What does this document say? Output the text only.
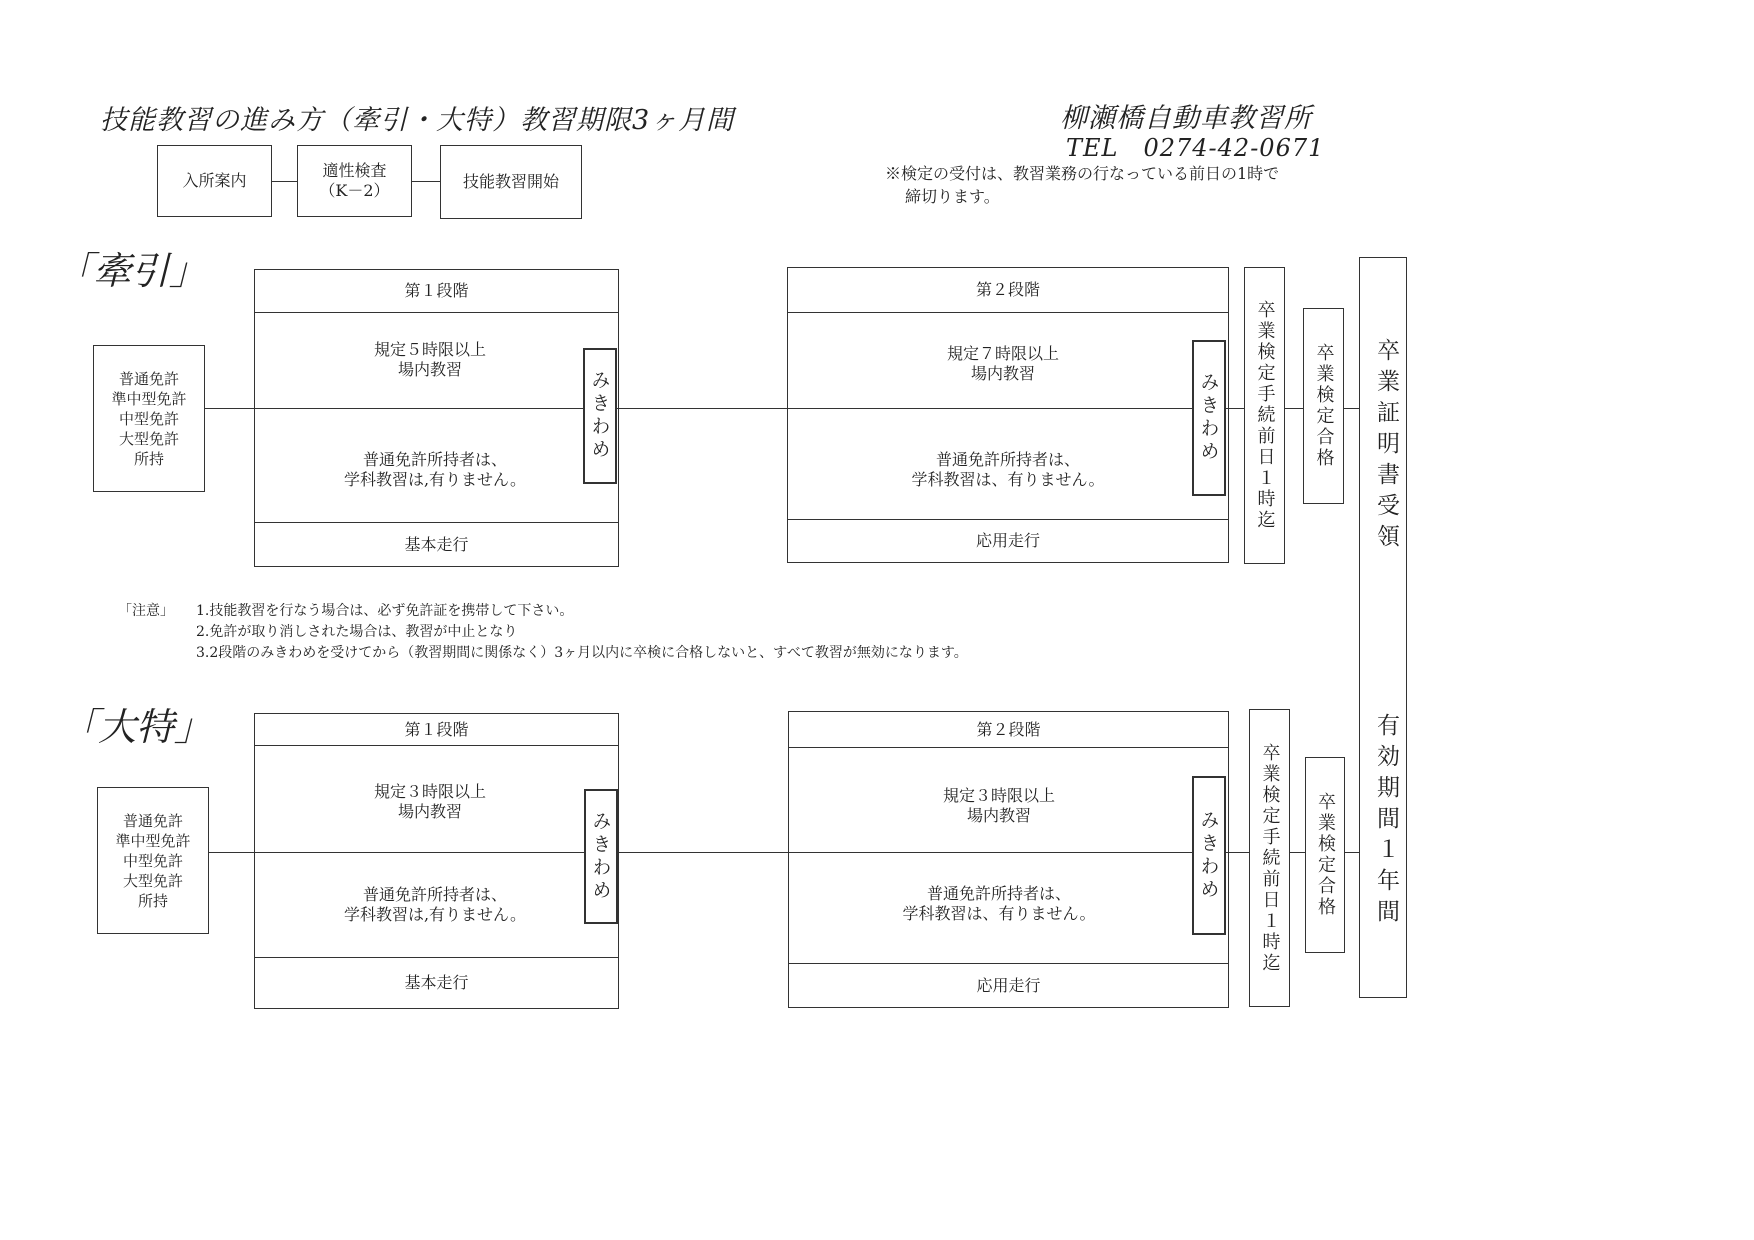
技能教習の進み方（牽引・大特）教習期限3ヶ月間	柳瀬橋自動車教習所
TEL　0274-42-0671
※検定の受付は、教習業務の行なっている前日の1時で
締切ります。
入所案内
適性検査
（K－2）	技能教習開始
「牽引」
普通免許
準中型免許
中型免許
大型免許
所持
第１段階
規定５時限以上
場内教習
普通免許所持者は、
学科教習は,有りません。
基本走行
みきわめ
第２段階
規定７時限以上
場内教習
普通免許所持者は、
学科教習は、有りません。
応用走行
みきわめ 卒業検定手続前日１時迄 卒業検定合格 卒業証明書受領
有効期間１年間
「注意」 1.技能教習を行なう場合は、必ず免許証を携帯して下さい。
2.免許が取り消しされた場合は、教習が中止となり
3.2段階のみきわめを受けてから（教習期間に関係なく）3ヶ月以内に卒検に合格しないと、すべて教習が無効になります。
「大特」
普通免許
準中型免許
中型免許
大型免許
所持
第１段階
規定３時限以上
場内教習
普通免許所持者は、
学科教習は,有りません。
基本走行
みきわめ
第２段階
規定３時限以上
場内教習
普通免許所持者は、
学科教習は、有りません。
応用走行
みきわめ 卒業検定手続前日１時迄 卒業検定合格
